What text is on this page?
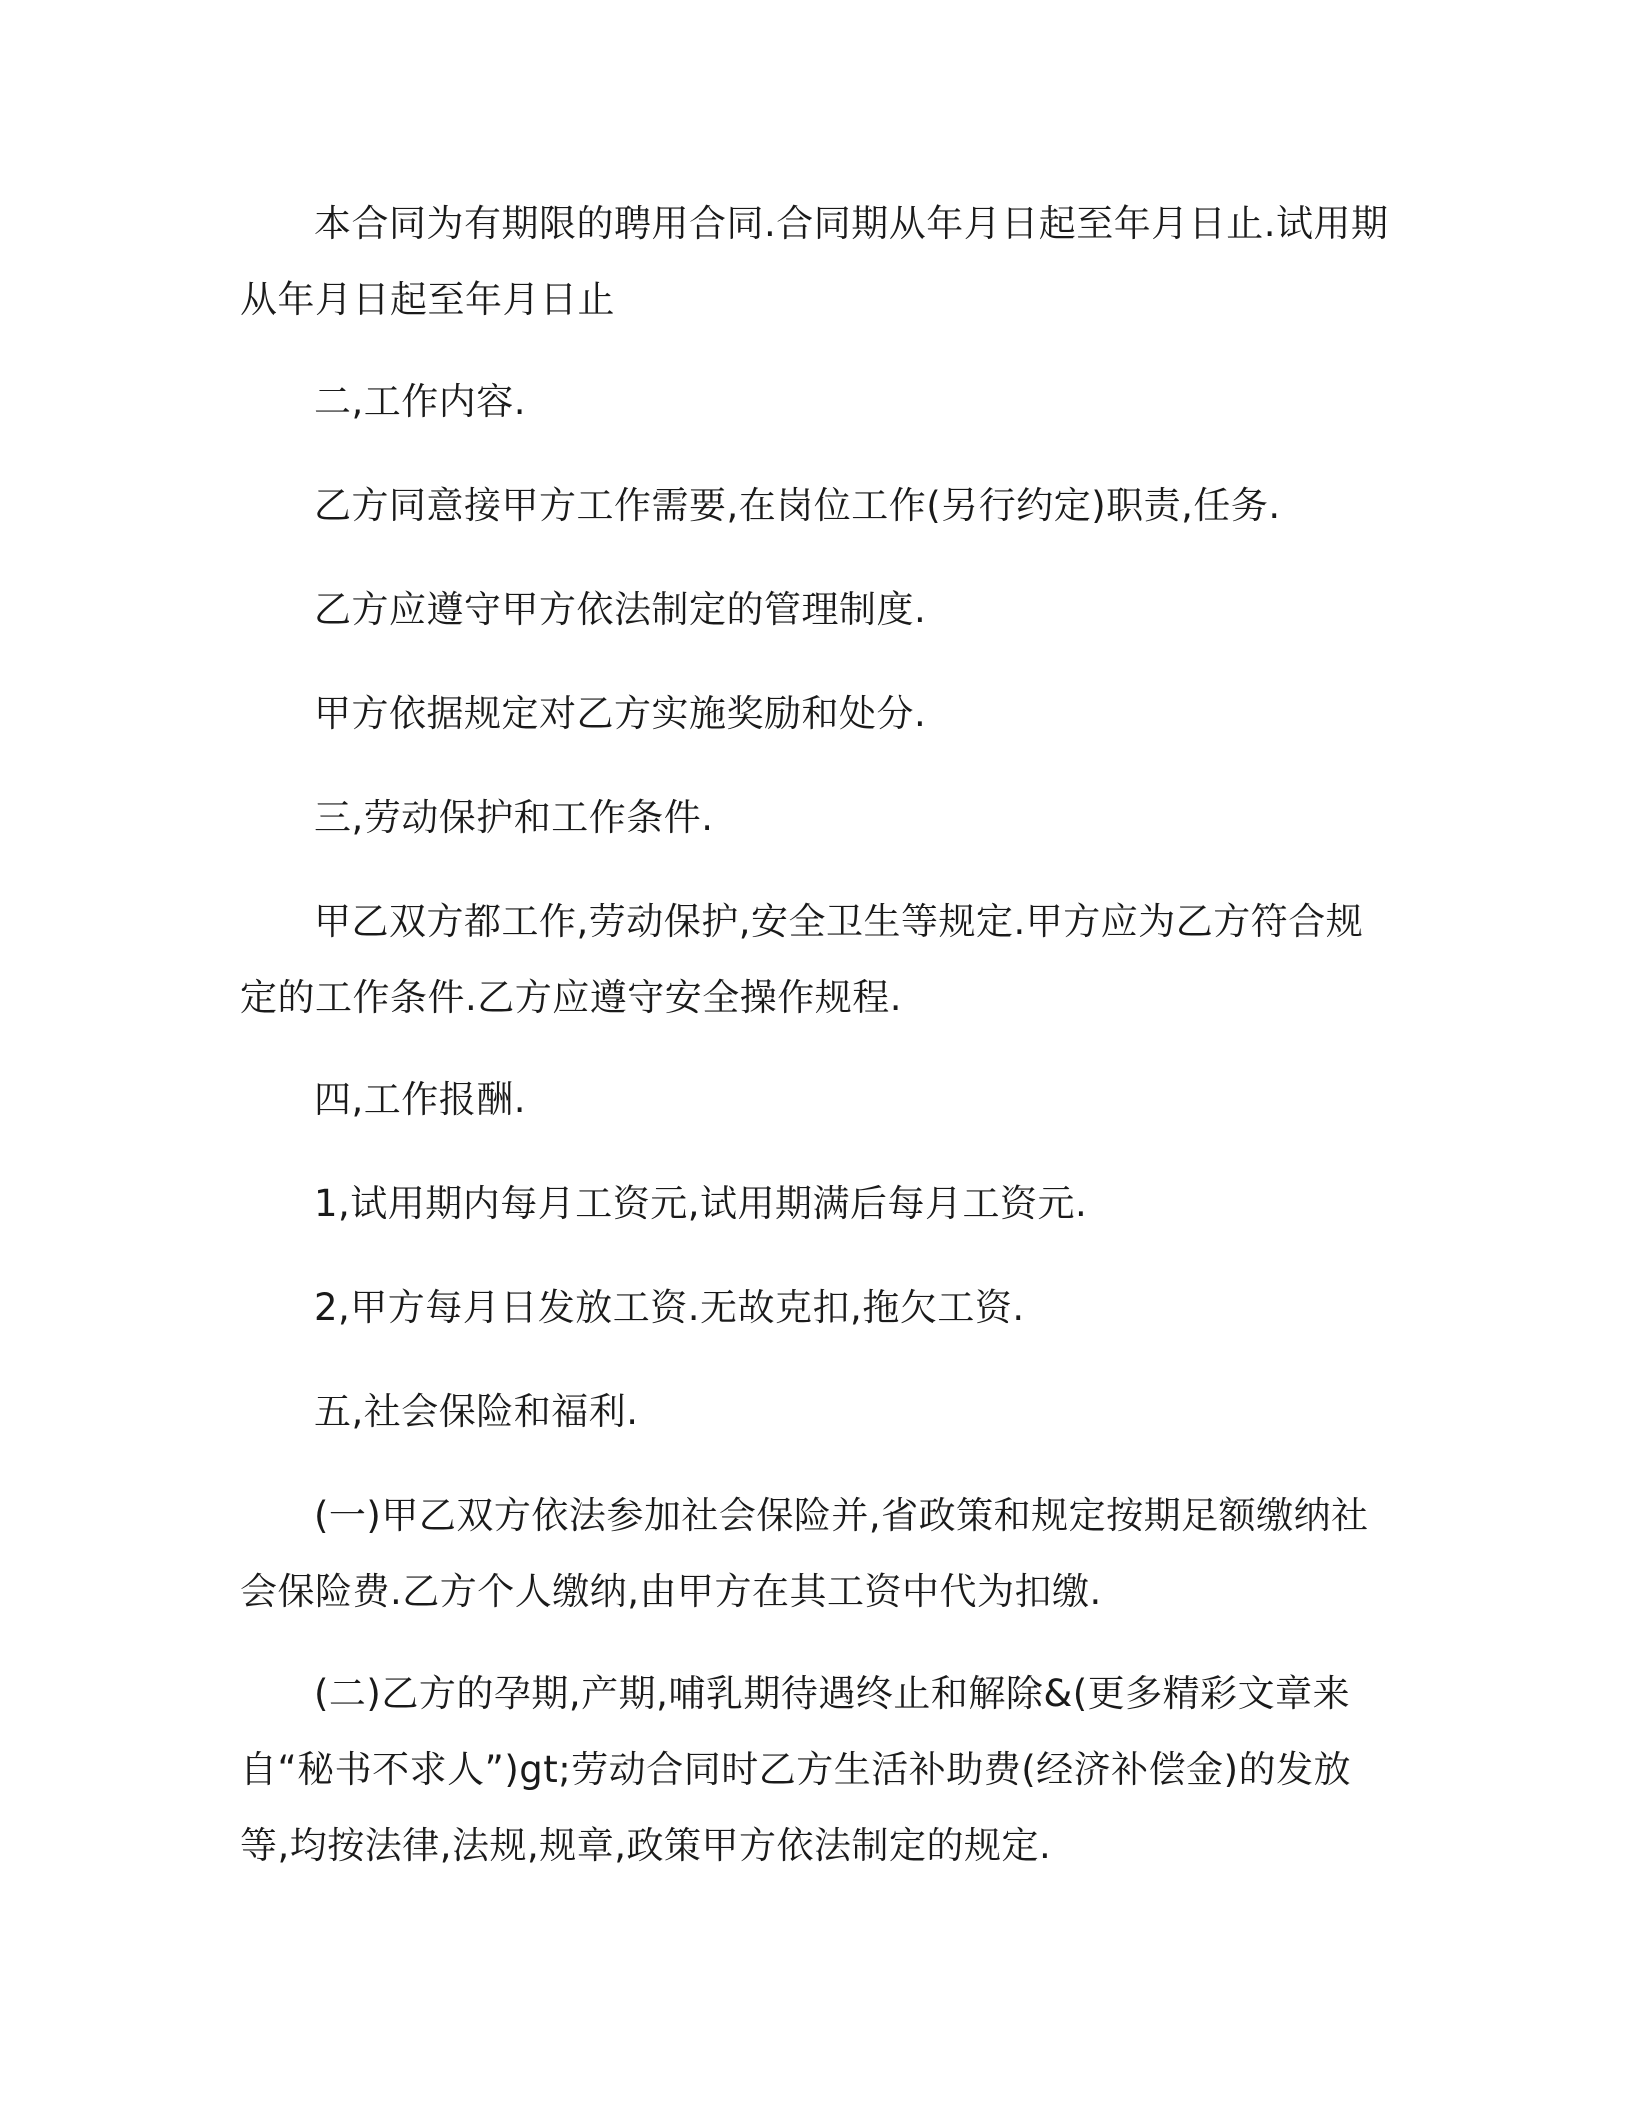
本合同为有期限的聘用合同.合同期从年月日起至年月日止.试用期从年月日起至年月日止

二,工作内容.

乙方同意接甲方工作需要,在岗位工作(另行约定)职责,任务.

乙方应遵守甲方依法制定的管理制度.

甲方依据规定对乙方实施奖励和处分.

三,劳动保护和工作条件.

甲乙双方都工作,劳动保护,安全卫生等规定.甲方应为乙方符合规定的工作条件.乙方应遵守安全操作规程.

四,工作报酬.

1,试用期内每月工资元,试用期满后每月工资元.

2,甲方每月日发放工资.无故克扣,拖欠工资.

五,社会保险和福利.

(一)甲乙双方依法参加社会保险并,省政策和规定按期足额缴纳社会保险费.乙方个人缴纳,由甲方在其工资中代为扣缴.

(二)乙方的孕期,产期,哺乳期待遇终止和解除&(更多精彩文章来自“秘书不求人”)gt;劳动合同时乙方生活补助费(经济补偿金)的发放等,均按法律,法规,规章,政策甲方依法制定的规定.
